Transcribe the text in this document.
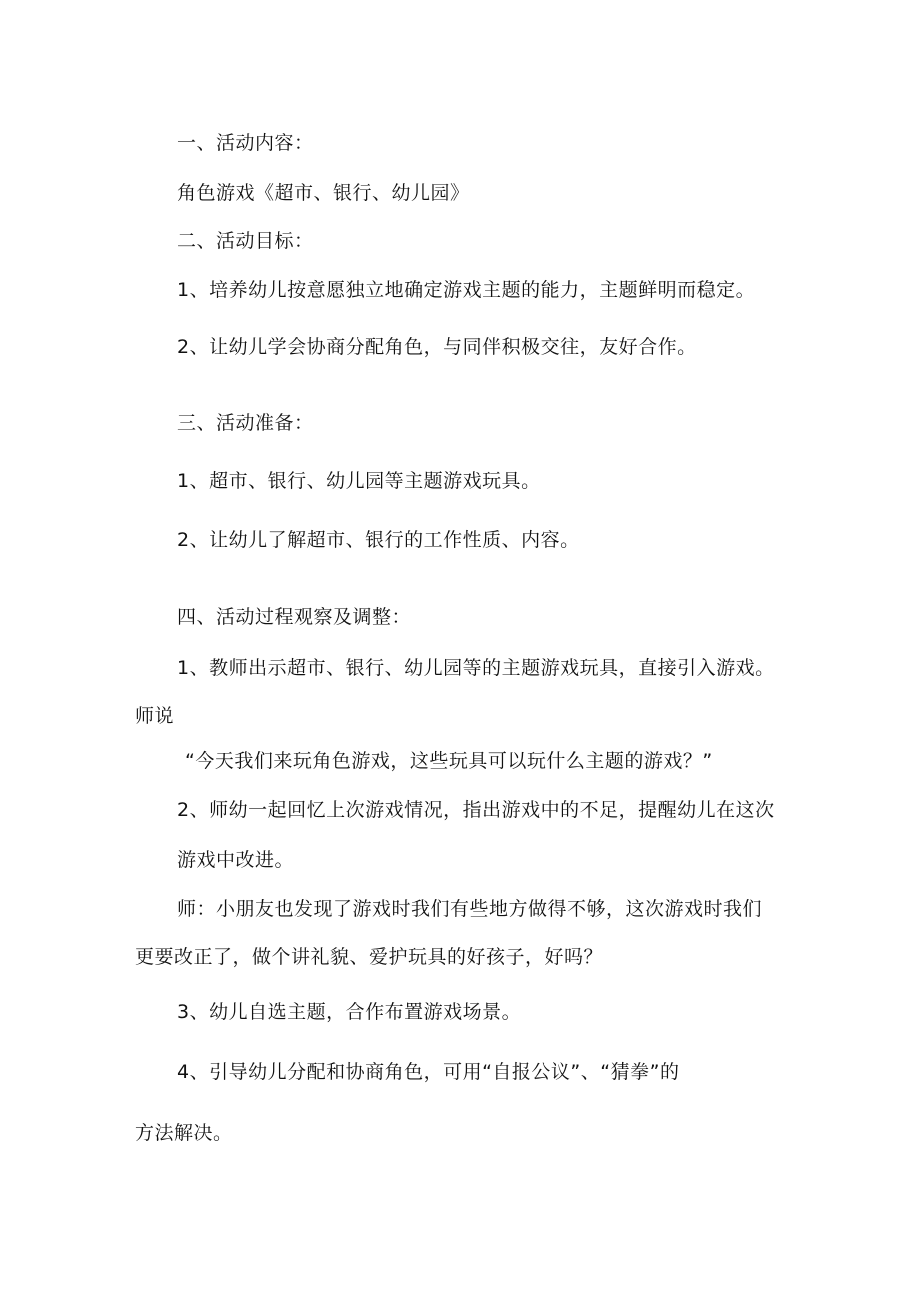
一、活动内容：
角色游戏《超市、银行、幼儿园》
二、活动目标：
1、培养幼儿按意愿独立地确定游戏主题的能力，主题鲜明而稳定。
2、让幼儿学会协商分配角色，与同伴积极交往，友好合作。
三、活动准备：
1、超市、银行、幼儿园等主题游戏玩具。
2、让幼儿了解超市、银行的工作性质、内容。
四、活动过程观察及调整：
1、教师出示超市、银行、幼儿园等的主题游戏玩具，直接引入游戏。
师说
“今天我们来玩角色游戏，这些玩具可以玩什么主题的游戏？”
2、师幼一起回忆上次游戏情况，指出游戏中的不足，提醒幼儿在这次
游戏中改进。
师：小朋友也发现了游戏时我们有些地方做得不够，这次游戏时我们
更要改正了，做个讲礼貌、爱护玩具的好孩子，好吗？
3、幼儿自选主题，合作布置游戏场景。
4、引导幼儿分配和协商角色，可用“自报公议”、“猜拳”的
方法解决。
